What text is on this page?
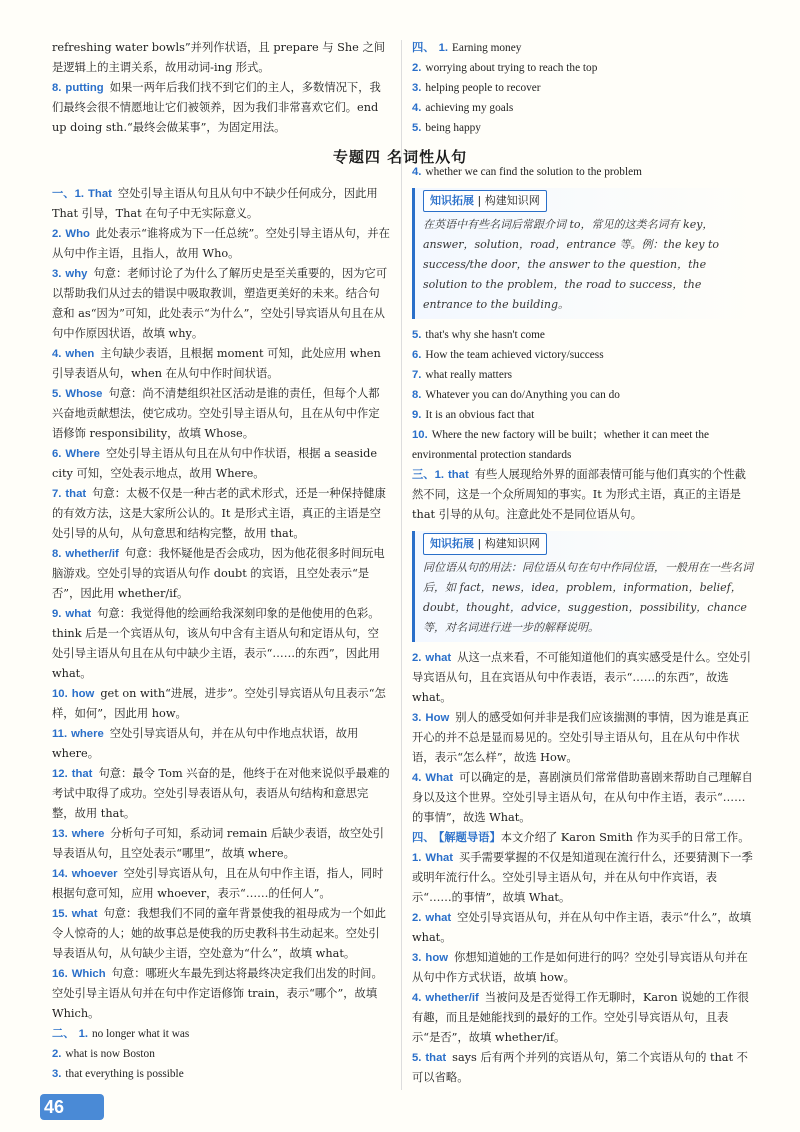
refreshing water bowls”并列作状语，且 prepare 与 She 之间是逻辑上的主谓关系，故用动词-ing 形式。

8. putting 如果一两年后我们找不到它们的主人，多数情况下，我们最终会很不情愿地让它们被领养，因为我们非常喜欢它们。end up doing sth.“最终会做某事”，为固定用法。

一、1. That 空处引导主语从句且从句中不缺少任何成分，因此用 That 引导，That 在句子中无实际意义。

2. Who 此处表示“谁将成为下一任总统”。空处引导主语从句，并在从句中作主语，且指人，故用 Who。

3. why 句意：老师讨论了为什么了解历史是至关重要的，因为它可以帮助我们从过去的错误中吸取教训，塑造更美好的未来。结合句意和 as“因为”可知，此处表示“为什么”，空处引导宾语从句且在从句中作原因状语，故填 why。

4. when 主句缺少表语，且根据 moment 可知，此处应用 when 引导表语从句，when 在从句中作时间状语。

5. Whose 句意：尚不清楚组织社区活动是谁的责任，但每个人都兴奋地贡献想法，使它成功。空处引导主语从句，且在从句中作定语修饰 responsibility，故填 Whose。

6. Where 空处引导主语从句且在从句中作状语，根据 a seaside city 可知，空处表示地点，故用 Where。

7. that 句意：太极不仅是一种古老的武术形式，还是一种保持健康的有效方法，这是大家所公认的。It 是形式主语，真正的主语是空处引导的从句，从句意思和结构完整，故用 that。

8. whether/if 句意：我怀疑他是否会成功，因为他花很多时间玩电脑游戏。空处引导的宾语从句作 doubt 的宾语，且空处表示“是否”，因此用 whether/if。

9. what 句意：我觉得他的绘画给我深刻印象的是他使用的色彩。think 后是一个宾语从句，该从句中含有主语从句和定语从句，空处引导主语从句且在从句中缺少主语，表示“……的东西”，因此用 what。

10. how get on with“进展，进步”。空处引导宾语从句且表示“怎样，如何”，因此用 how。

11. where 空处引导宾语从句，并在从句中作地点状语，故用 where。

12. that 句意：最令 Tom 兴奋的是，他终于在对他来说似乎最难的考试中取得了成功。空处引导表语从句，表语从句结构和意思完整，故用 that。

13. where 分析句子可知，系动词 remain 后缺少表语，故空处引导表语从句，且空处表示“哪里”，故填 where。

14. whoever 空处引导宾语从句，且在从句中作主语，指人，同时根据句意可知，应用 whoever，表示“……的任何人”。

15. what 句意：我想我们不同的童年背景使我的祖母成为一个如此令人惊奇的人；她的故事总是使我的历史教科书生动起来。空处引导表语从句，从句缺少主语，空处意为“什么”，故填 what。

16. Which 句意：哪班火车最先到达将最终决定我们出发的时间。空处引导主语从句并在句中作定语修饰 train，表示“哪个”，故填 Which。

二、 1. no longer what it was

2. what is now Boston

3. that everything is possible

专题四 名词性从句

四、 1. Earning money

2. worrying about trying to reach the top

3. helping people to recover

4. achieving my goals

5. being happy

4. whether we can find the solution to the problem

知识拓展 | 构建知识网
在英语中有些名词后常跟介词 to，常见的这类名词有 key，answer，solution，road，entrance 等。例：the key to success/the door，the answer to the question，the solution to the problem，the road to success，the entrance to the building。

5. that's why she hasn't come

6. How the team achieved victory/success

7. what really matters

8. Whatever you can do/Anything you can do

9. It is an obvious fact that

10. Where the new factory will be built；whether it can meet the environmental protection standards

三、1. that 有些人展现给外界的面部表情可能与他们真实的个性截然不同，这是一个众所周知的事实。It 为形式主语，真正的主语是 that 引导的从句。注意此处不是同位语从句。

知识拓展 | 构建知识网
同位语从句的用法：同位语从句在句中作同位语，一般用在一些名词后，如 fact，news，idea，problem，information，belief，doubt，thought，advice，suggestion，possibility，chance 等，对名词进行进一步的解释说明。

2. what 从这一点来看，不可能知道他们的真实感受是什么。空处引导宾语从句，且在宾语从句中作表语，表示“……的东西”，故选 what。

3. How 别人的感受如何并非是我们应该揣测的事情，因为谁是真正开心的并不总是显而易见的。空处引导主语从句，且在从句中作状语，表示“怎么样”，故选 How。

4. What 可以确定的是，喜剧演员们常常借助喜剧来帮助自己理解自身以及这个世界。空处引导主语从句，在从句中作主语，表示“……的事情”，故选 What。

四、 【解题导语】本文介绍了 Karon Smith 作为买手的日常工作。

1. What 买手需要掌握的不仅是知道现在流行什么，还要猜测下一季或明年流行什么。空处引导主语从句，并在从句中作宾语，表示“……的事情”，故填 What。

2. what 空处引导宾语从句，并在从句中作主语，表示“什么”，故填 what。

3. how 你想知道她的工作是如何进行的吗？空处引导宾语从句并在从句中作方式状语，故填 how。

4. whether/if 当被问及是否觉得工作无聊时，Karon 说她的工作很有趣，而且是她能找到的最好的工作。空处引导宾语从句，且表示“是否”，故填 whether/if。

5. that says 后有两个并列的宾语从句，第二个宾语从句的 that 不可以省略。

46
